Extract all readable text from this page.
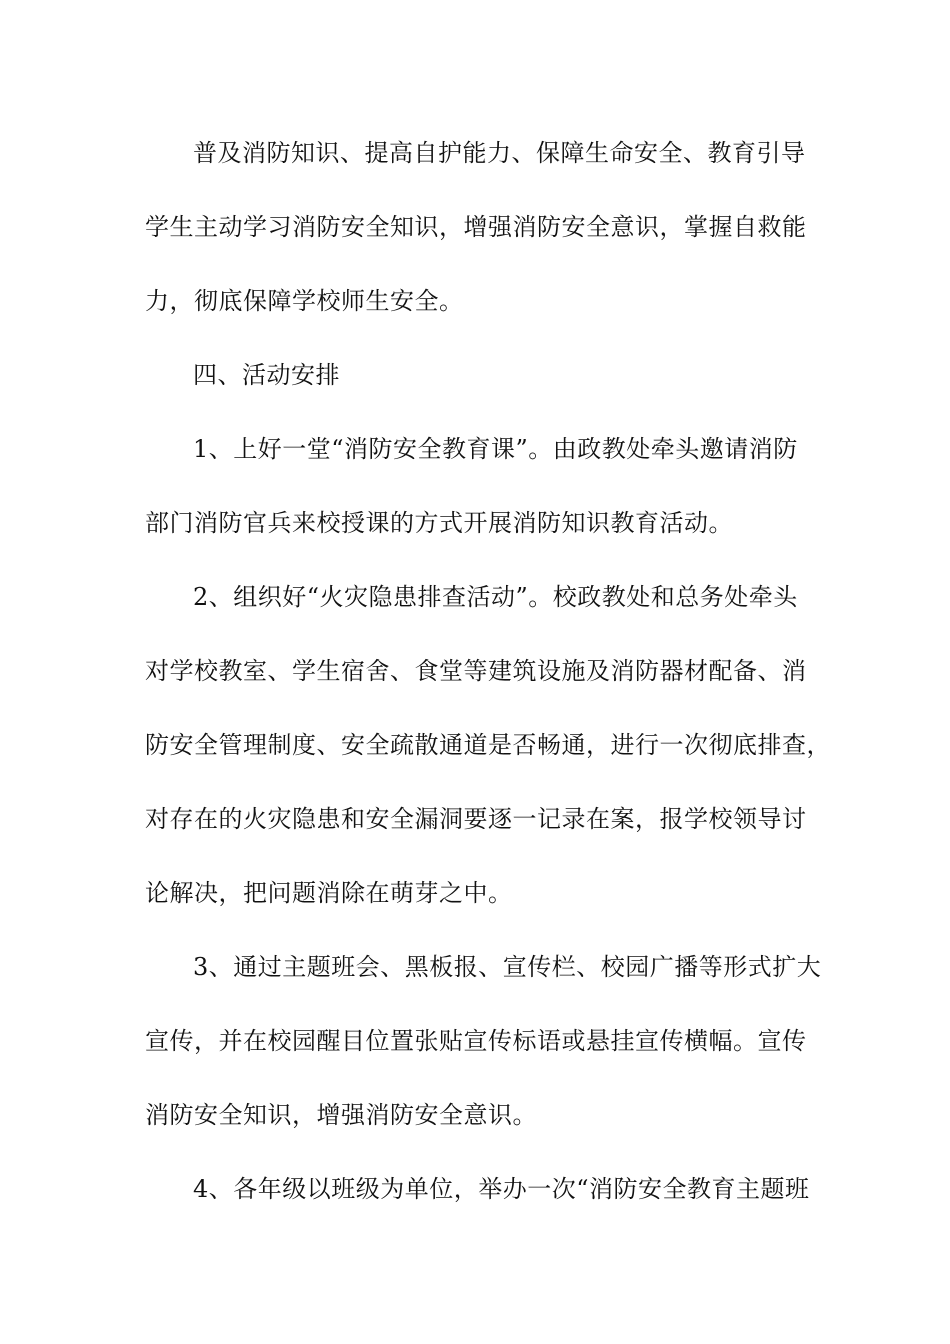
普及消防知识、提高自护能力、保障生命安全、教育引导
学生主动学习消防安全知识，增强消防安全意识，掌握自救能
力，彻底保障学校师生安全。
四、活动安排
1、上好一堂“消防安全教育课”。由政教处牵头邀请消防
部门消防官兵来校授课的方式开展消防知识教育活动。
2、组织好“火灾隐患排查活动”。校政教处和总务处牵头
对学校教室、学生宿舍、食堂等建筑设施及消防器材配备、消
防安全管理制度、安全疏散通道是否畅通，进行一次彻底排查，
对存在的火灾隐患和安全漏洞要逐一记录在案，报学校领导讨
论解决，把问题消除在萌芽之中。
3、通过主题班会、黑板报、宣传栏、校园广播等形式扩大
宣传，并在校园醒目位置张贴宣传标语或悬挂宣传横幅。宣传
消防安全知识，增强消防安全意识。
4、各年级以班级为单位，举办一次“消防安全教育主题班
